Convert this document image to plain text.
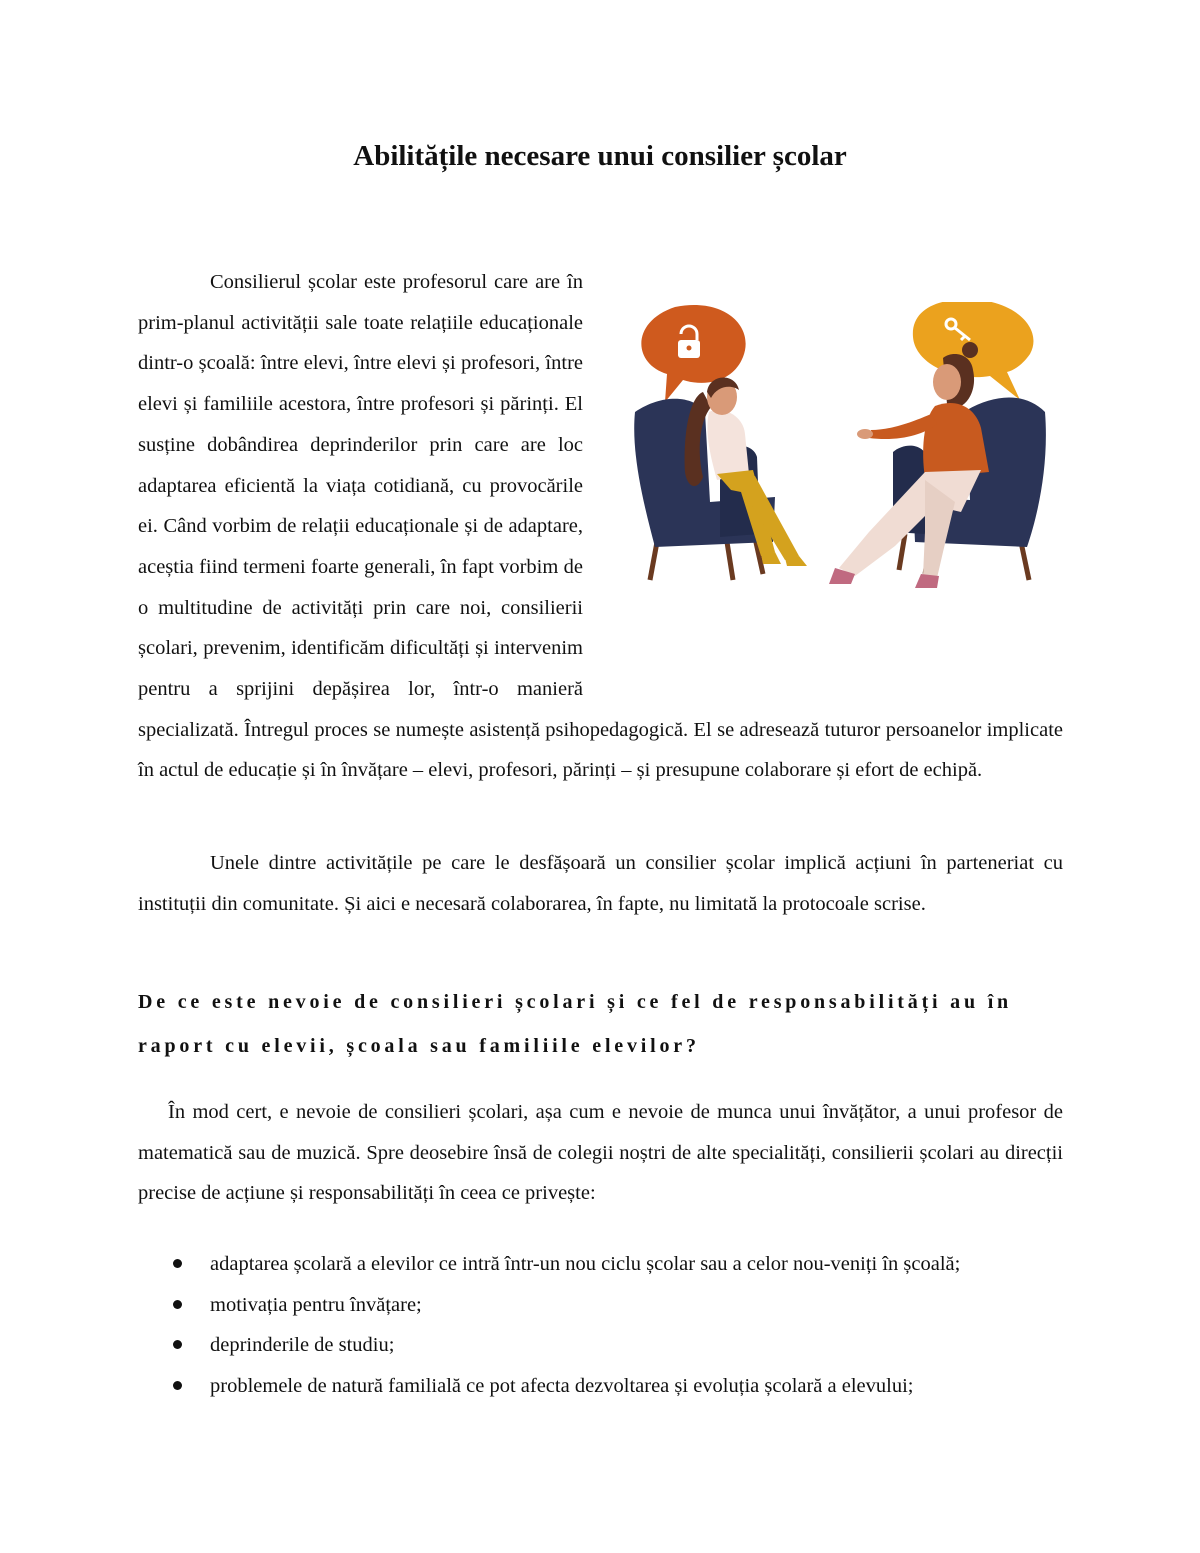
Abilitățile necesare unui consilier școlar

Consilierul școlar este profesorul care are în prim-planul activității sale toate relațiile educaționale dintr-o școală: între elevi, între elevi și profesori, între elevi și familiile acestora, între profesori și părinți. El susține dobândirea deprinderilor prin care are loc adaptarea eficientă la viața cotidiană, cu provocările ei. Când vorbim de relații educaționale și de adaptare, aceștia fiind termeni foarte generali, în fapt vorbim de o multitudine de activități prin care noi, consilierii școlari, prevenim, identificăm dificultăți și intervenim pentru a sprijini depășirea lor, într-o manieră specializată. Întregul proces se numește asistență psihopedagogică. El se adresează tuturor persoanelor implicate în actul de educație și în învățare – elevi, profesori, părinți – și presupune colaborare și efort de echipă.

Unele dintre activitățile pe care le desfășoară un consilier școlar implică acțiuni în parteneriat cu instituții din comunitate. Și aici e necesară colaborarea, în fapte, nu limitată la protocoale scrise.

De ce este nevoie de consilieri școlari și ce fel de responsabilități au în raport cu elevii, școala sau familiile elevilor?

În mod cert, e nevoie de consilieri școlari, așa cum e nevoie de munca unui învățător, a unui profesor de matematică sau de muzică. Spre deosebire însă de colegii noștri de alte specialități, consilierii școlari au direcții precise de acțiune și responsabilități în ceea ce privește:

adaptarea școlară a elevilor ce intră într-un nou ciclu școlar sau a celor nou-veniți în școală;
motivația pentru învățare;
deprinderile de studiu;
problemele de natură familială ce pot afecta dezvoltarea și evoluția școlară a elevului;
